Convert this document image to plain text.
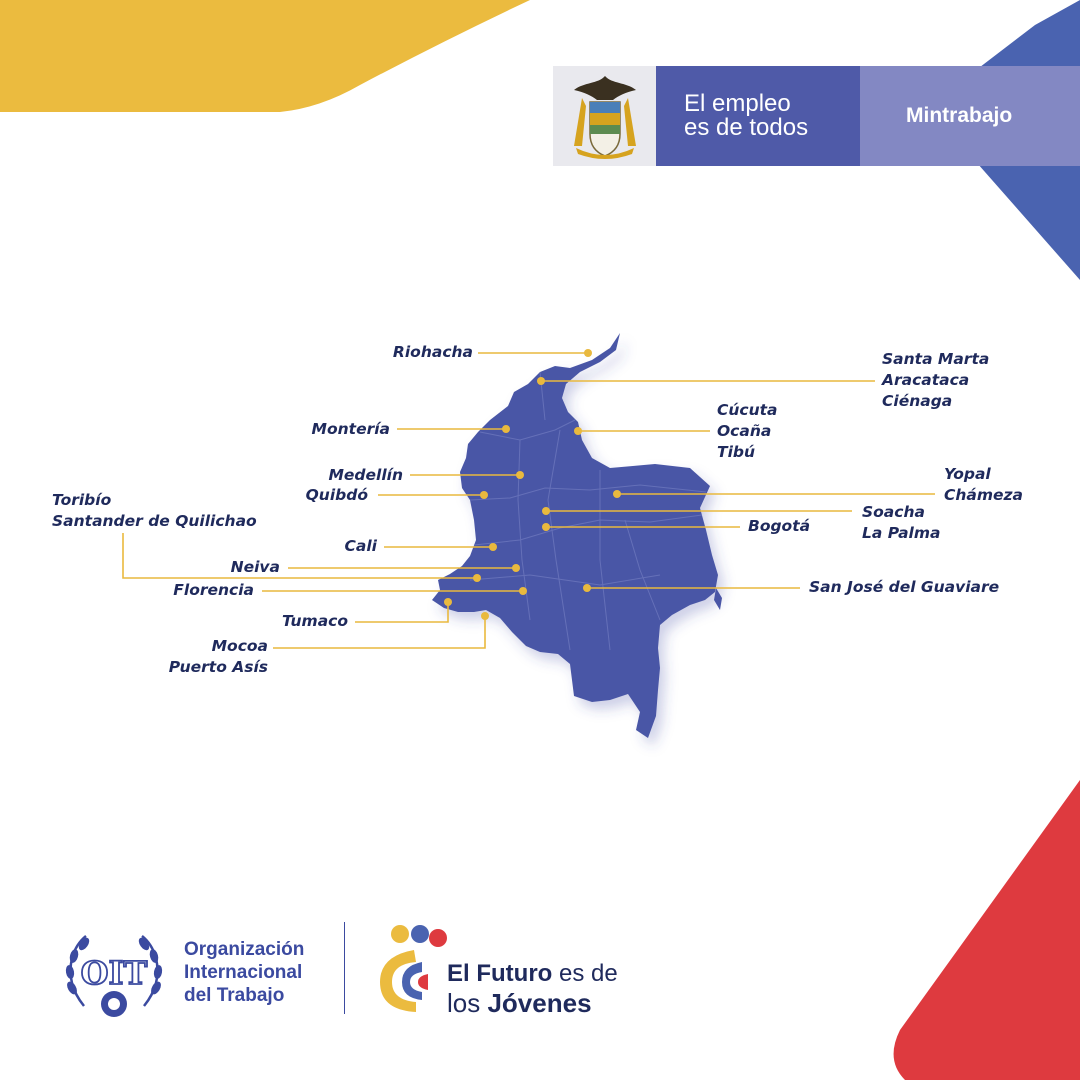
El empleo
es de todos	Mintrabajo
Riohacha	Santa Marta
Aracataca
Ciénaga
Montería
Cúcuta
Ocaña
Tibú
Medellín
Quibdó
Yopal
Chámeza
Toribío
Santander de Quilichao	Soacha
La Palma
Bogotá
Cali
Neiva
Florencia	San José del Guaviare
Tumaco
Mocoa
Puerto Asís
OIT
Organización
Internacional
del Trabajo
El Futuro es de
los Jóvenes
